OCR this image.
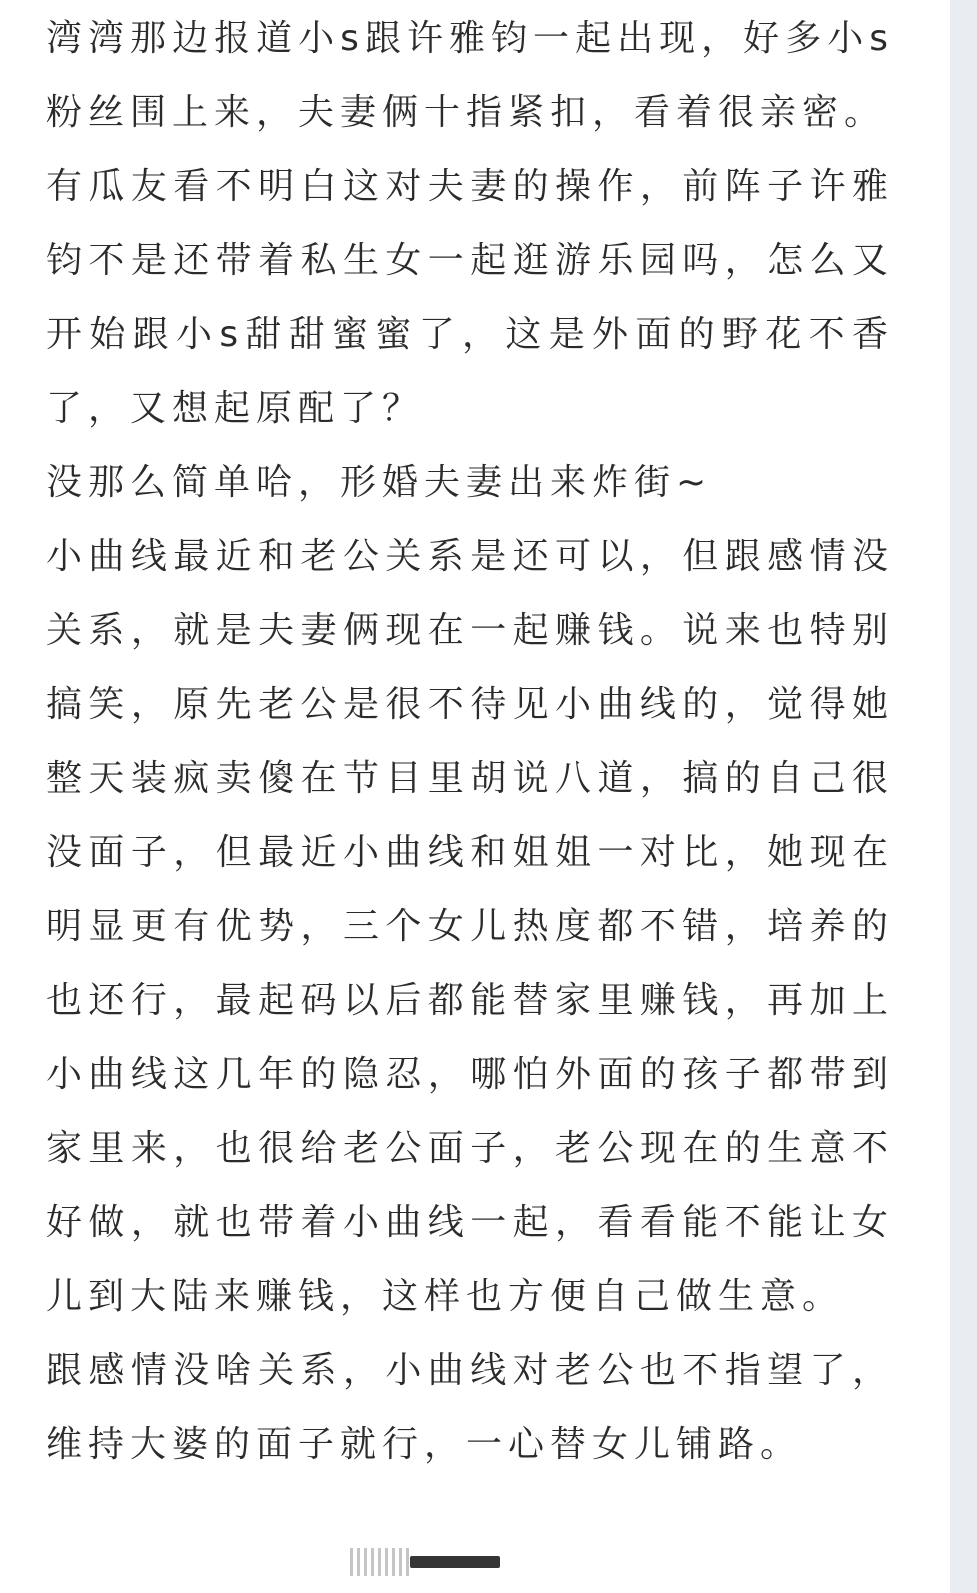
湾湾那边报道小s跟许雅钧一起出现，好多小s粉丝围上来，夫妻俩十指紧扣，看着很亲密。

有瓜友看不明白这对夫妻的操作，前阵子许雅钧不是还带着私生女一起逛游乐园吗，怎么又开始跟小s甜甜蜜蜜了，这是外面的野花不香了，又想起原配了？

没那么简单哈，形婚夫妻出来炸街~

小曲线最近和老公关系是还可以，但跟感情没关系，就是夫妻俩现在一起赚钱。说来也特别搞笑，原先老公是很不待见小曲线的，觉得她整天装疯卖傻在节目里胡说八道，搞的自己很没面子，但最近小曲线和姐姐一对比，她现在明显更有优势，三个女儿热度都不错，培养的也还行，最起码以后都能替家里赚钱，再加上小曲线这几年的隐忍，哪怕外面的孩子都带到家里来，也很给老公面子，老公现在的生意不好做，就也带着小曲线一起，看看能不能让女儿到大陆来赚钱，这样也方便自己做生意。

跟感情没啥关系，小曲线对老公也不指望了，维持大婆的面子就行，一心替女儿铺路。
